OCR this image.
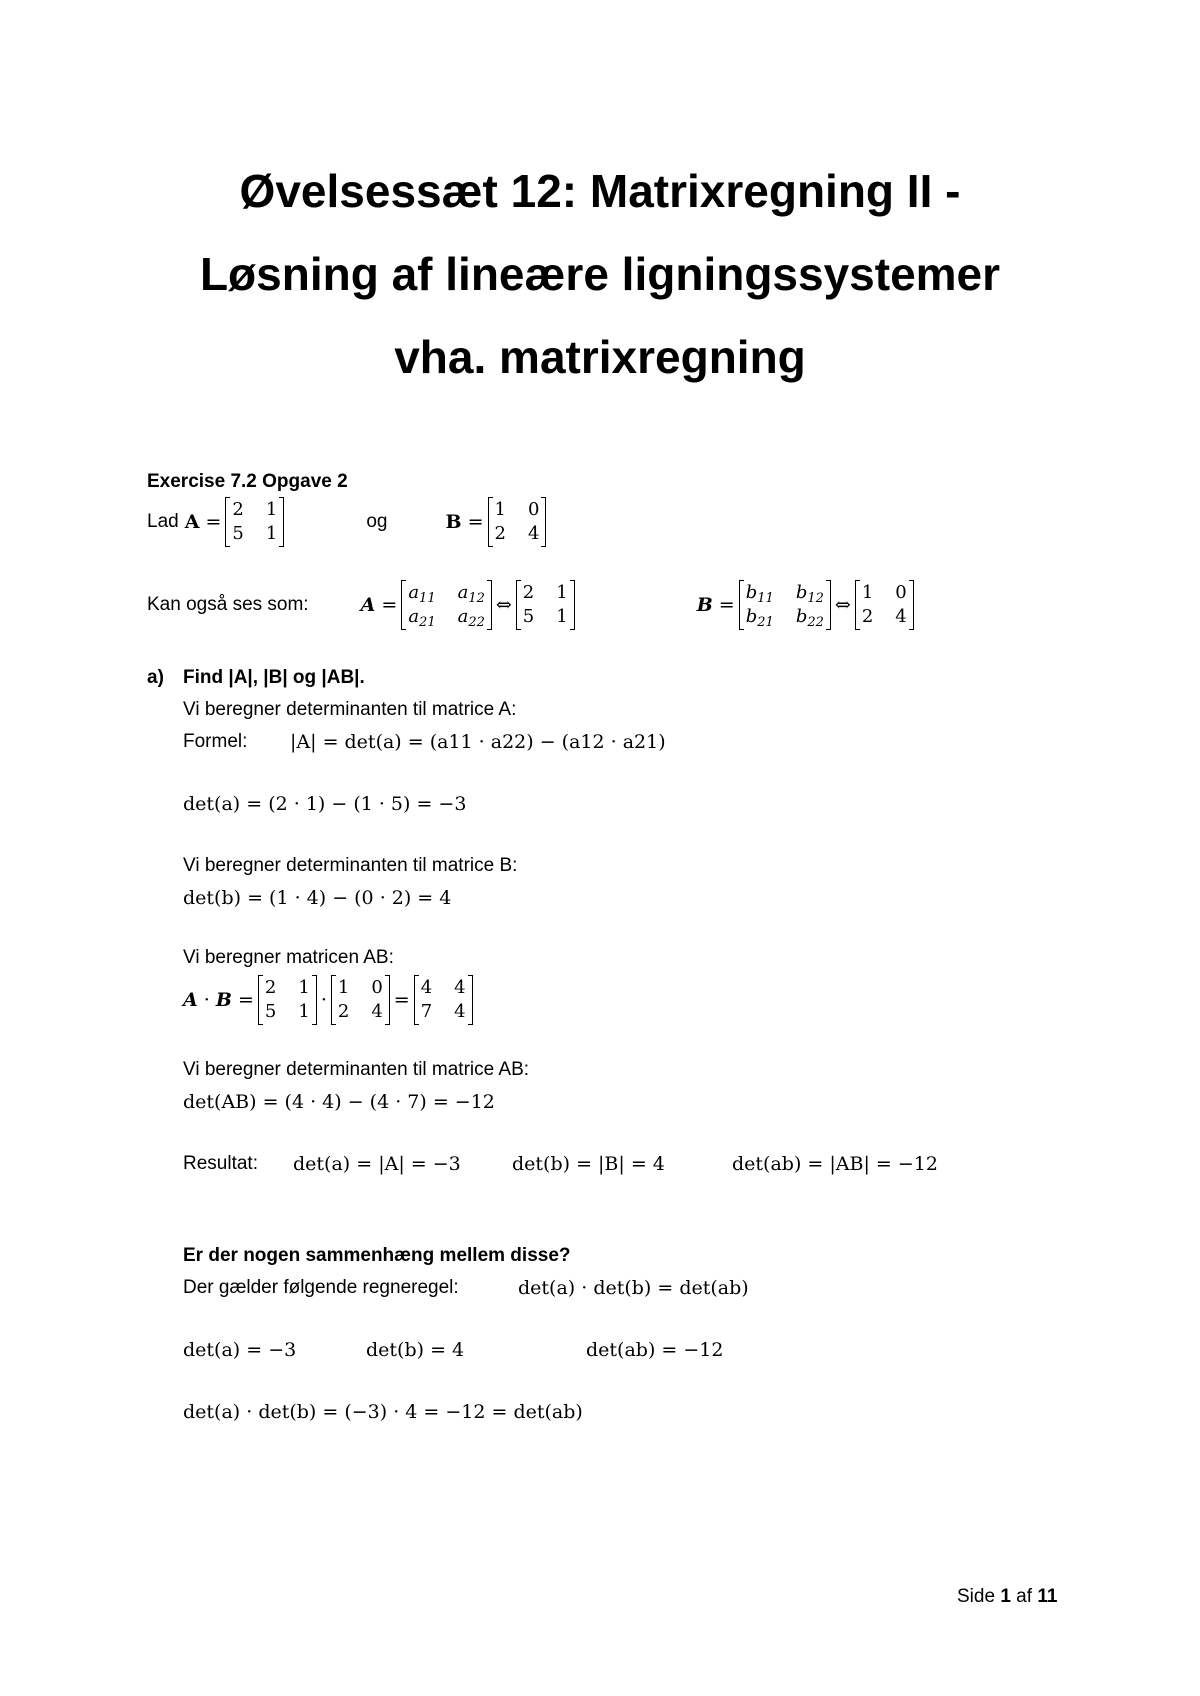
Øvelsessæt 12: Matrixregning II -
Løsning af lineære ligningssystemer
vha. matrixregning
Exercise 7.2 Opgave 2
Lad A =
2 1
5 1
og	B =
1 0
2 4
Kan også ses som:	A =
$a_{11}$ $a_{12}$
$a_{21}$ $a_{22}$
⇔
2 1
5 1
B =
$b_{11}$ $b_{12}$
$b_{21}$ $b_{22}$
⇔
1 0
2 4
a) Find |A|, |B| og |AB|.
Vi beregner determinanten til matrice A:
Formel: |A| = det(a) = (a11 · a22) − (a12 · a21)
det(a) = (2 · 1) − (1 · 5) = −3
Vi beregner determinanten til matrice B:
det(b) = (1 · 4) − (0 · 2) = 4
Vi beregner matricen AB:
A · B =
2 1
5 1
·
1 0
2 4
=
4 4
7 4
Vi beregner determinanten til matrice AB:
det(AB) = (4 · 4) − (4 · 7) = −12
Resultat: det(a) = |A| = −3	det(b) = |B| = 4	det(ab) = |AB| = −12
Er der nogen sammenhæng mellem disse?
Der gælder følgende regneregel:	det(a) · det(b) = det(ab)
det(a) = −3	det(b) = 4	det(ab) = −12
det(a) · det(b) = (−3) · 4 = −12 = det(ab)
Side 1 af 11
